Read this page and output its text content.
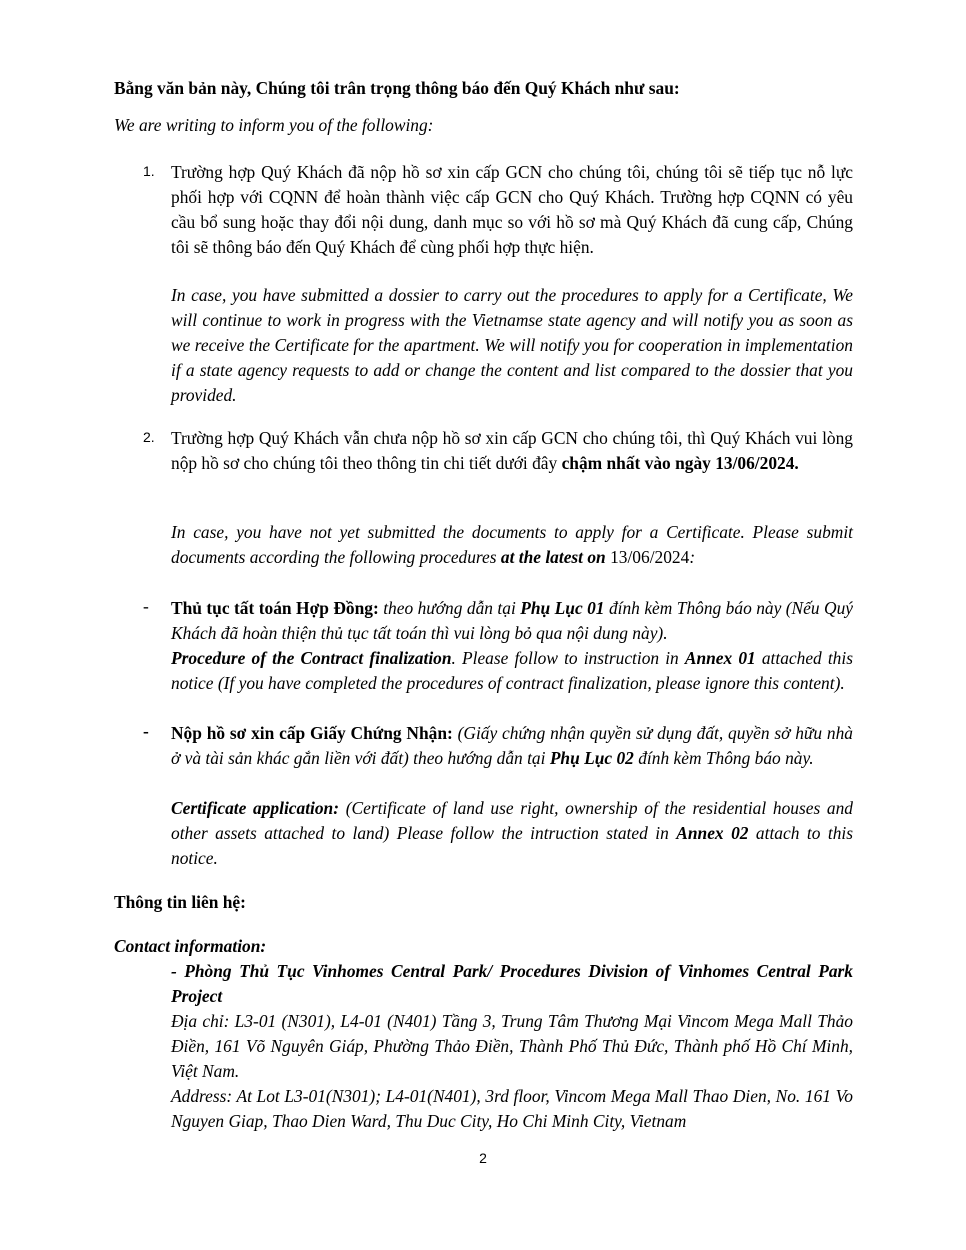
Bằng văn bản này, Chúng tôi trân trọng thông báo đến Quý Khách như sau:

We are writing to inform you of the following:

1. Trường hợp Quý Khách đã nộp hồ sơ xin cấp GCN cho chúng tôi, chúng tôi sẽ tiếp tục nỗ lực phối hợp với CQNN để hoàn thành việc cấp GCN cho Quý Khách. Trường hợp CQNN có yêu cầu bổ sung hoặc thay đổi nội dung, danh mục so với hồ sơ mà Quý Khách đã cung cấp, Chúng tôi sẽ thông báo đến Quý Khách để cùng phối hợp thực hiện.

In case, you have submitted a dossier to carry out the procedures to apply for a Certificate, We will continue to work in progress with the Vietnamse state agency and will notify you as soon as we receive the Certificate for the apartment. We will notify you for cooperation in implementation if a state agency requests to add or change the content and list compared to the dossier that you provided.

2. Trường hợp Quý Khách vẫn chưa nộp hồ sơ xin cấp GCN cho chúng tôi, thì Quý Khách vui lòng nộp hồ sơ cho chúng tôi theo thông tin chi tiết dưới đây chậm nhất vào ngày 13/06/2024.

In case, you have not yet submitted the documents to apply for a Certificate. Please submit documents according the following procedures at the latest on 13/06/2024:

- Thủ tục tất toán Hợp Đồng: theo hướng dẫn tại Phụ Lục 01 đính kèm Thông báo này (Nếu Quý Khách đã hoàn thiện thủ tục tất toán thì vui lòng bỏ qua nội dung này).

Procedure of the Contract finalization. Please follow to instruction in Annex 01 attached this notice (If you have completed the procedures of contract finalization, please ignore this content).

- Nộp hồ sơ xin cấp Giấy Chứng Nhận: (Giấy chứng nhận quyền sử dụng đất, quyền sở hữu nhà ở và tài sản khác gắn liền với đất) theo hướng dẫn tại Phụ Lục 02 đính kèm Thông báo này.

Certificate application: (Certificate of land use right, ownership of the residential houses and other assets attached to land) Please follow the intruction stated in Annex 02 attach to this notice.

Thông tin liên hệ:

Contact information:

- Phòng Thủ Tục Vinhomes Central Park/ Procedures Division of Vinhomes Central Park Project

Địa chỉ: L3-01 (N301), L4-01 (N401) Tầng 3, Trung Tâm Thương Mại Vincom Mega Mall Thảo Điền, 161 Võ Nguyên Giáp, Phường Thảo Điền, Thành Phố Thủ Đức, Thành phố Hồ Chí Minh, Việt Nam.

Address: At Lot L3-01(N301); L4-01(N401), 3rd floor, Vincom Mega Mall Thao Dien, No. 161 Vo Nguyen Giap, Thao Dien Ward, Thu Duc City, Ho Chi Minh City, Vietnam

2
